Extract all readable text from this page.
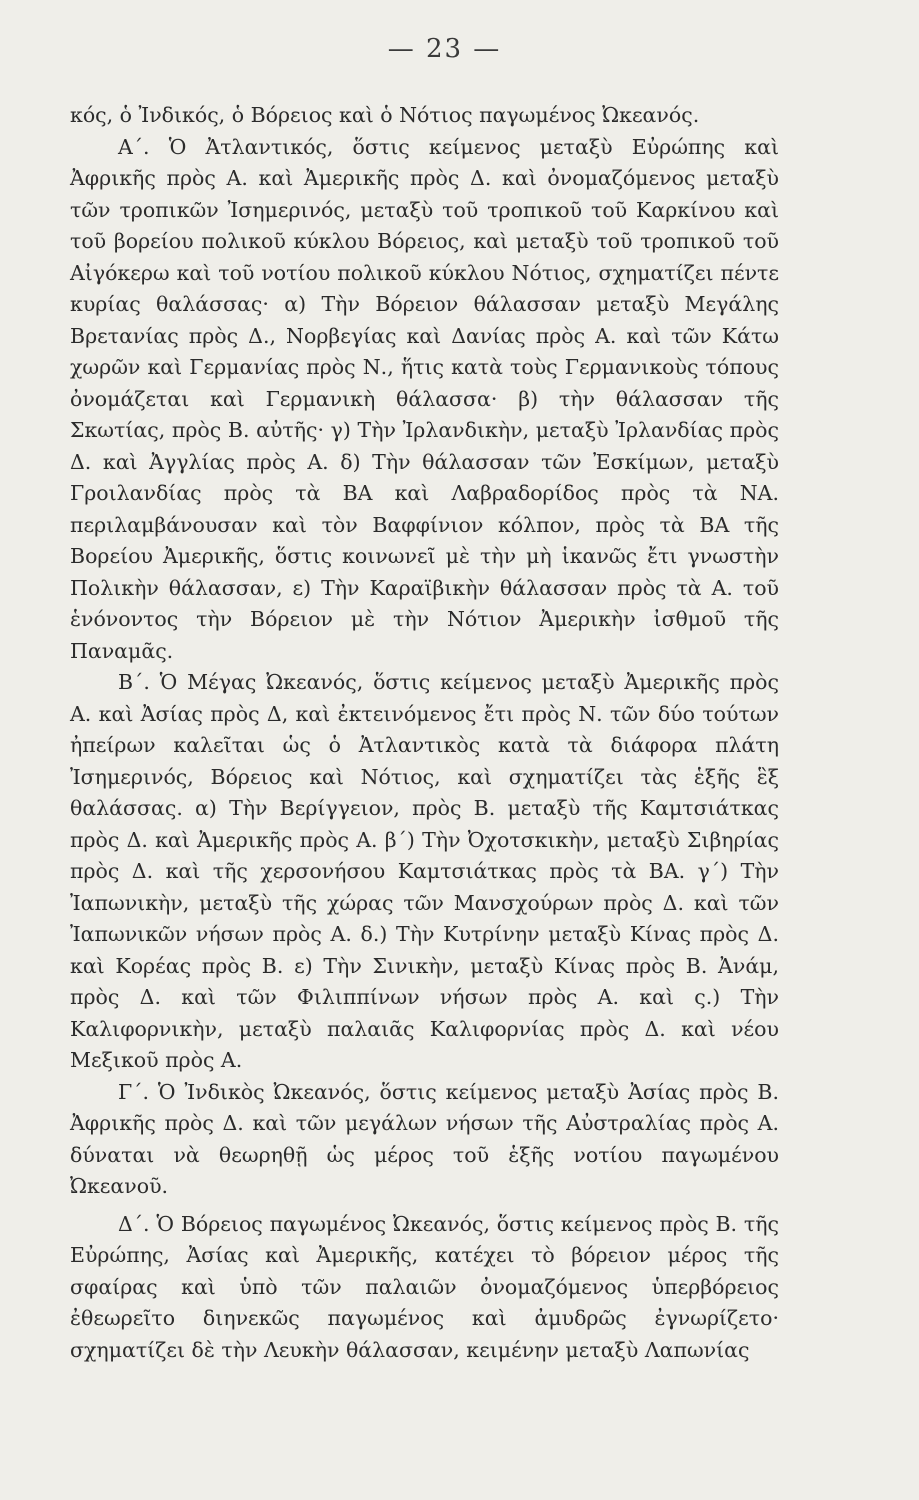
— 23 —

κός, ὁ Ἰνδικός, ὁ Βόρειος καὶ ὁ Νότιος παγωμένος Ὠκεανός.

Α΄. Ὁ Ἀτλαντικός, ὅστις κείμενος μεταξὺ Εὐρώπης καὶ Ἀφρικῆς πρὸς Α. καὶ Ἀμερικῆς πρὸς Δ. καὶ ὀνομαζόμενος μεταξὺ τῶν τροπικῶν Ἰσημερινός, μεταξὺ τοῦ τροπικοῦ τοῦ Καρκίνου καὶ τοῦ βορείου πολικοῦ κύκλου Βόρειος, καὶ μεταξὺ τοῦ τροπικοῦ τοῦ Αἰγόκερω καὶ τοῦ νοτίου πολικοῦ κύκλου Νότιος, σχηματίζει πέντε κυρίας θαλάσσας· α) Τὴν Βόρειον θάλασσαν μεταξὺ Μεγάλης Βρετανίας πρὸς Δ., Νορβεγίας καὶ Δανίας πρὸς Α. καὶ τῶν Κάτω χωρῶν καὶ Γερμανίας πρὸς Ν., ἥτις κατὰ τοὺς Γερμανικοὺς τόπους ὀνομάζεται καὶ Γερμανικὴ θάλασσα· β) τὴν θάλασσαν τῆς Σκωτίας, πρὸς Β. αὐτῆς· γ) Τὴν Ἰρλανδικὴν, μεταξὺ Ἰρλανδίας πρὸς Δ. καὶ Ἀγγλίας πρὸς Α. δ) Τὴν θάλασσαν τῶν Ἐσκίμων, μεταξὺ Γροιλανδίας πρὸς τὰ ΒΑ καὶ Λαβραδορίδος πρὸς τὰ ΝΑ. περιλαμβάνουσαν καὶ τὸν Βαφφίνιον κόλπον, πρὸς τὰ ΒΑ τῆς Βορείου Ἀμερικῆς, ὅστις κοινωνεῖ μὲ τὴν μὴ ἱκανῶς ἔτι γνωστὴν Πολικὴν θάλασσαν, ε) Τὴν Καραϊβικὴν θάλασσαν πρὸς τὰ Α. τοῦ ἑνόνοντος τὴν Βόρειον μὲ τὴν Νότιον Ἀμερικὴν ἰσθμοῦ τῆς Παναμᾶς.

Β΄. Ὁ Μέγας Ὠκεανός, ὅστις κείμενος μεταξὺ Ἀμερικῆς πρὸς Α. καὶ Ἀσίας πρὸς Δ, καὶ ἐκτεινόμενος ἔτι πρὸς Ν. τῶν δύο τούτων ἠπείρων καλεῖται ὡς ὁ Ἀτλαντικὸς κατὰ τὰ διάφορα πλάτη Ἰσημερινός, Βόρειος καὶ Νότιος, καὶ σχηματίζει τὰς ἑξῆς ἓξ θαλάσσας. α) Τὴν Βερίγγειον, πρὸς Β. μεταξὺ τῆς Καμτσιάτκας πρὸς Δ. καὶ Ἀμερικῆς πρὸς Α. β΄) Τὴν Ὀχοτσκικὴν, μεταξὺ Σιβηρίας πρὸς Δ. καὶ τῆς χερσονήσου Καμτσιάτκας πρὸς τὰ ΒΑ. γ΄) Τὴν Ἰαπωνικὴν, μεταξὺ τῆς χώρας τῶν Μανσχούρων πρὸς Δ. καὶ τῶν Ἰαπωνικῶν νήσων πρὸς Α. δ.) Τὴν Κυτρίνην μεταξὺ Κίνας πρὸς Δ. καὶ Κορέας πρὸς Β. ε) Τὴν Σινικὴν, μεταξὺ Κίνας πρὸς Β. Ἀνάμ, πρὸς Δ. καὶ τῶν Φιλιππίνων νήσων πρὸς Α. καὶ ς.) Τὴν Καλιφορνικὴν, μεταξὺ παλαιᾶς Καλιφορνίας πρὸς Δ. καὶ νέου Μεξικοῦ πρὸς Α.

Γ΄. Ὁ Ἰνδικὸς Ὠκεανός, ὅστις κείμενος μεταξὺ Ἀσίας πρὸς Β. Ἀφρικῆς πρὸς Δ. καὶ τῶν μεγάλων νήσων τῆς Αὐστραλίας πρὸς Α. δύναται νὰ θεωρηθῇ ὡς μέρος τοῦ ἑξῆς νοτίου παγωμένου Ὠκεανοῦ.

Δ΄. Ὁ Βόρειος παγωμένος Ὠκεανός, ὅστις κείμενος πρὸς Β. τῆς Εὐρώπης, Ἀσίας καὶ Ἀμερικῆς, κατέχει τὸ βόρειον μέρος τῆς σφαίρας καὶ ὑπὸ τῶν παλαιῶν ὀνομαζόμενος ὑπερβόρειος ἐθεωρεῖτο διηνεκῶς παγωμένος καὶ ἀμυδρῶς ἐγνωρίζετο· σχηματίζει δὲ τὴν Λευκὴν θάλασσαν, κειμένην μεταξὺ Λαπωνίας
